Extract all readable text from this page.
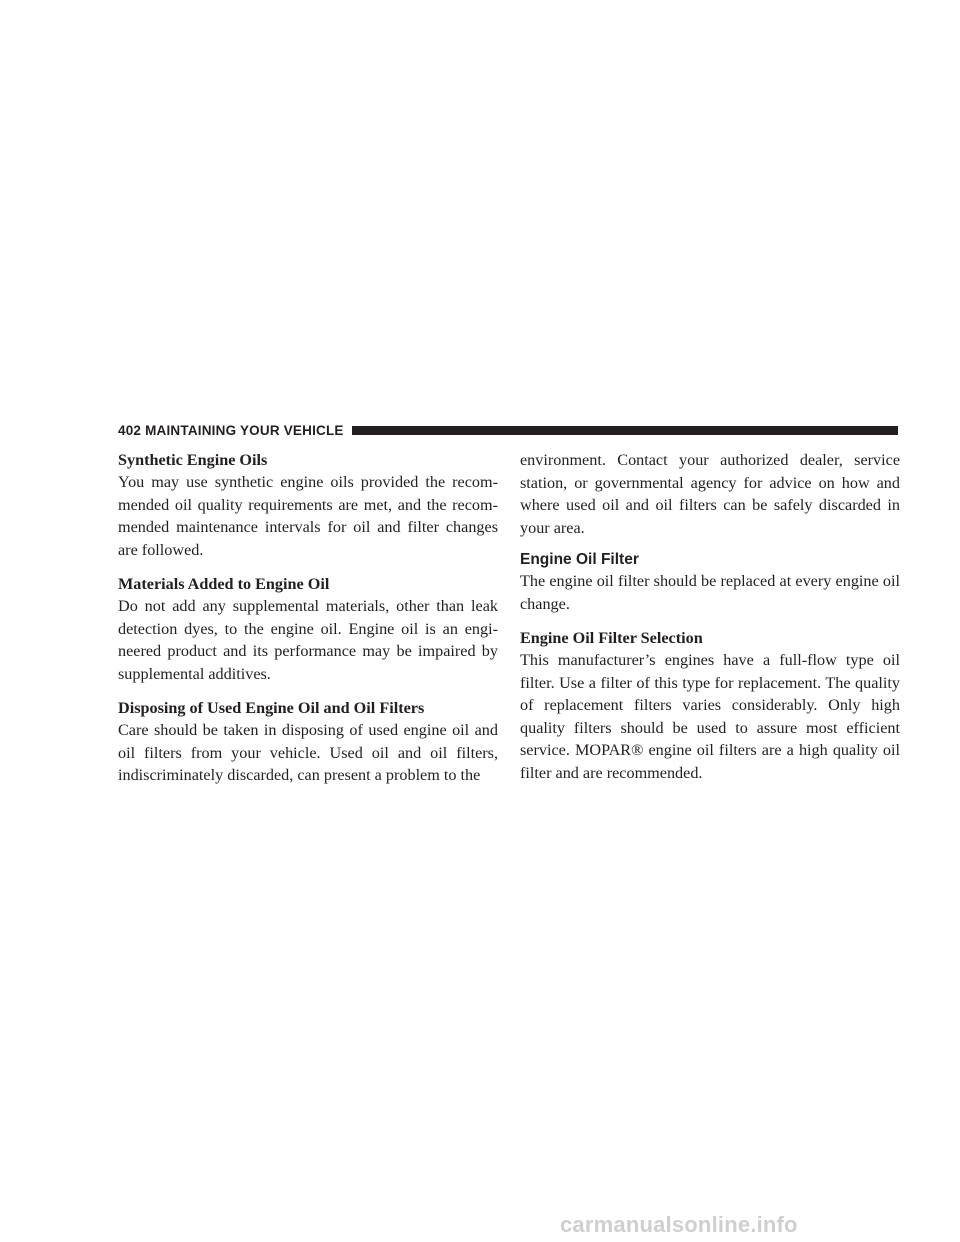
402 MAINTAINING YOUR VEHICLE
Synthetic Engine Oils

You may use synthetic engine oils provided the recom- mended oil quality requirements are met, and the recom- mended maintenance intervals for oil and filter changes are followed.

Materials Added to Engine Oil

Do not add any supplemental materials, other than leak detection dyes, to the engine oil. Engine oil is an engi- neered product and its performance may be impaired by supplemental additives.

Disposing of Used Engine Oil and Oil Filters

Care should be taken in disposing of used engine oil and oil filters from your vehicle. Used oil and oil filters, indiscriminately discarded, can present a problem to the

environment. Contact your authorized dealer, service station, or governmental agency for advice on how and where used oil and oil filters can be safely discarded in your area.

Engine Oil Filter

The engine oil filter should be replaced at every engine oil change.

Engine Oil Filter Selection

This manufacturer’s engines have a full-flow type oil filter. Use a filter of this type for replacement. The quality of replacement filters varies considerably. Only high quality filters should be used to assure most efficient service. MOPAR® engine oil filters are a high quality oil filter and are recommended.

carmanualsonline.info
